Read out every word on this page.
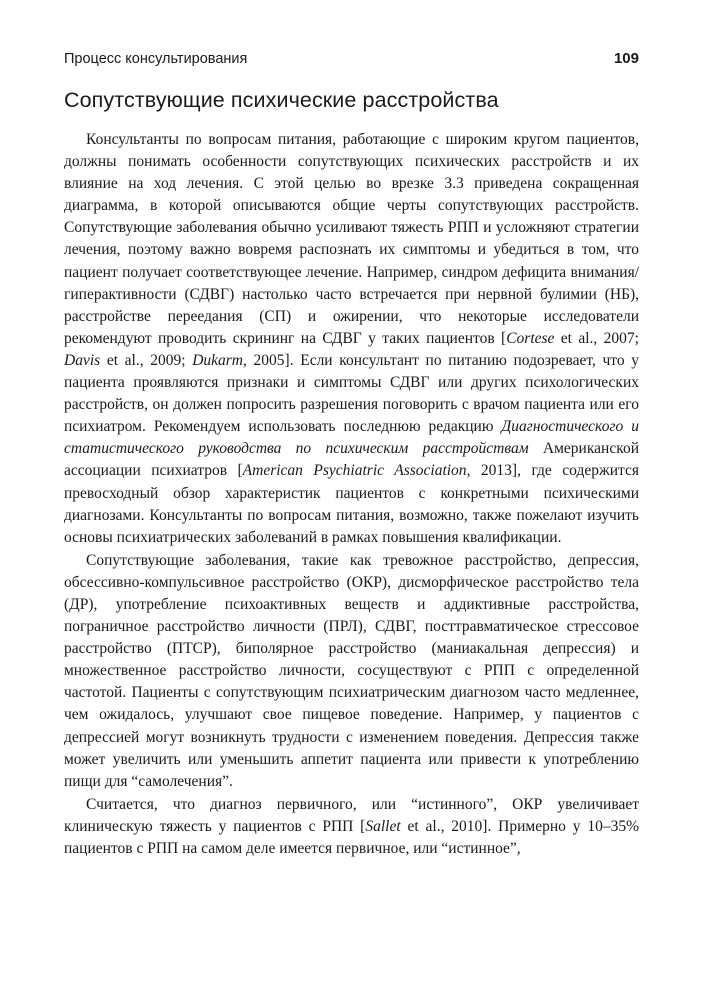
Процесс консультирования	109
Сопутствующие психические расстройства

Консультанты по вопросам питания, работающие с широким кругом пациентов, должны понимать особенности сопутствующих психических расстройств и их влияние на ход лечения. С этой целью во врезке 3.3 приведена сокращенная диаграмма, в которой описываются общие черты сопутствующих расстройств. Сопутствующие заболевания обычно усиливают тяжесть РПП и усложняют стратегии лечения, поэтому важно вовремя распознать их симптомы и убедиться в том, что пациент получает соответствующее лечение. Например, синдром дефицита внимания/гиперактивности (СДВГ) настолько часто встречается при нервной булимии (НБ), расстройстве переедания (СП) и ожирении, что некоторые исследователи рекомендуют проводить скрининг на СДВГ у таких пациентов [Cortese et al., 2007; Davis et al., 2009; Dukarm, 2005]. Если консультант по питанию подозревает, что у пациента проявляются признаки и симптомы СДВГ или других психологических расстройств, он должен попросить разрешения поговорить с врачом пациента или его психиатром. Рекомендуем использовать последнюю редакцию Диагностического и статистического руководства по психическим расстройствам Американской ассоциации психиатров [American Psychiatric Association, 2013], где содержится превосходный обзор характеристик пациентов с конкретными психическими диагнозами. Консультанты по вопросам питания, возможно, также пожелают изучить основы психиатрических заболеваний в рамках повышения квалификации.

Сопутствующие заболевания, такие как тревожное расстройство, депрессия, обсессивно-компульсивное расстройство (ОКР), дисморфическое расстройство тела (ДР), употребление психоактивных веществ и аддиктивные расстройства, пограничное расстройство личности (ПРЛ), СДВГ, посттравматическое стрессовое расстройство (ПТСР), биполярное расстройство (маниакальная депрессия) и множественное расстройство личности, сосуществуют с РПП с определенной частотой. Пациенты с сопутствующим психиатрическим диагнозом часто медленнее, чем ожидалось, улучшают свое пищевое поведение. Например, у пациентов с депрессией могут возникнуть трудности с изменением поведения. Депрессия также может увеличить или уменьшить аппетит пациента или привести к употреблению пищи для “самолечения”.

Считается, что диагноз первичного, или “истинного”, ОКР увеличивает клиническую тяжесть у пациентов с РПП [Sallet et al., 2010]. Примерно у 10–35% пациентов с РПП на самом деле имеется первичное, или “истинное”,
